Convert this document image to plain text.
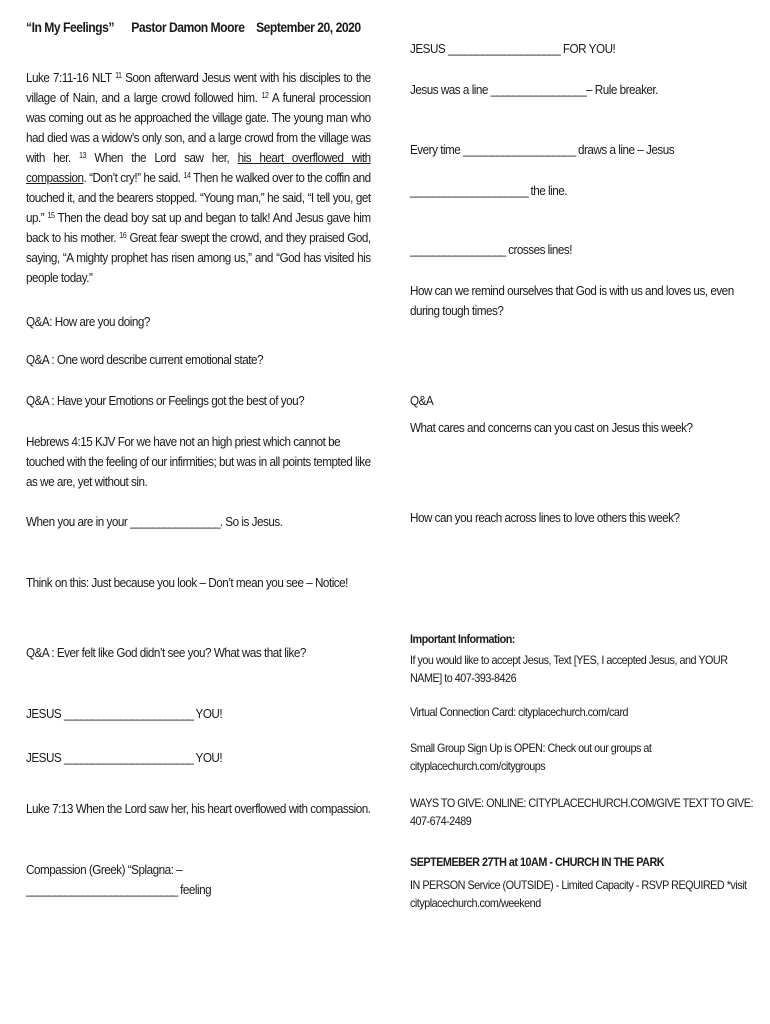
“In My Feelings” Pastor Damon Moore September 20, 2020
Luke 7:11-16 NLT $^{11}$ Soon afterward Jesus went with his disciples to the village of Nain, and a large crowd followed him. $^{12}$ A funeral procession was coming out as he approached the village gate. The young man who had died was a widow’s only son, and a large crowd from the village was with her. $^{13}$ When the Lord saw her, his heart overflowed with compassion. “Don’t cry!” he said. $^{14}$ Then he walked over to the coffin and touched it, and the bearers stopped. “Young man,” he said, “I tell you, get up.” $^{15}$ Then the dead boy sat up and began to talk! And Jesus gave him back to his mother. $^{16}$ Great fear swept the crowd, and they praised God, saying, “A mighty prophet has risen among us,” and “God has visited his people today.”
Q&A: How are you doing?
Q&A : One word describe current emotional state?
Q&A : Have your Emotions or Feelings got the best of you?
Hebrews 4:15 KJV For we have not an high priest which cannot be touched with the feeling of our infirmities; but was in all points tempted like as we are, yet without sin.
When you are in your ________________. So is Jesus.
Think on this: Just because you look – Don’t mean you see – Notice!
Q&A : Ever felt like God didn’t see you? What was that like?
JESUS _______________________ YOU!
JESUS _______________________ YOU!
Luke 7:13 When the Lord saw her, his heart overflowed with compassion.
Compassion (Greek) “Splagna: –
___________________________ feeling
JESUS ____________________ FOR YOU!
Jesus was a line _________________– Rule breaker.
Every time ____________________ draws a line – Jesus
_____________________ the line.
_________________ crosses lines!
How can we remind ourselves that God is with us and loves us, even during tough times?
Q&A
What cares and concerns can you cast on Jesus this week?
How can you reach across lines to love others this week?
Important Information:
If you would like to accept Jesus, Text [YES, I accepted Jesus, and YOUR NAME] to 407-393-8426
Virtual Connection Card: cityplacechurch.com/card
Small Group Sign Up is OPEN: Check out our groups at cityplacechurch.com/citygroups
WAYS TO GIVE: ONLINE: CITYPLACECHURCH.COM/GIVE TEXT TO GIVE: 407-674-2489
SEPTEMEBER 27TH at 10AM - CHURCH IN THE PARK
IN PERSON Service (OUTSIDE) - Limited Capacity - RSVP REQUIRED *visit cityplacechurch.com/weekend
